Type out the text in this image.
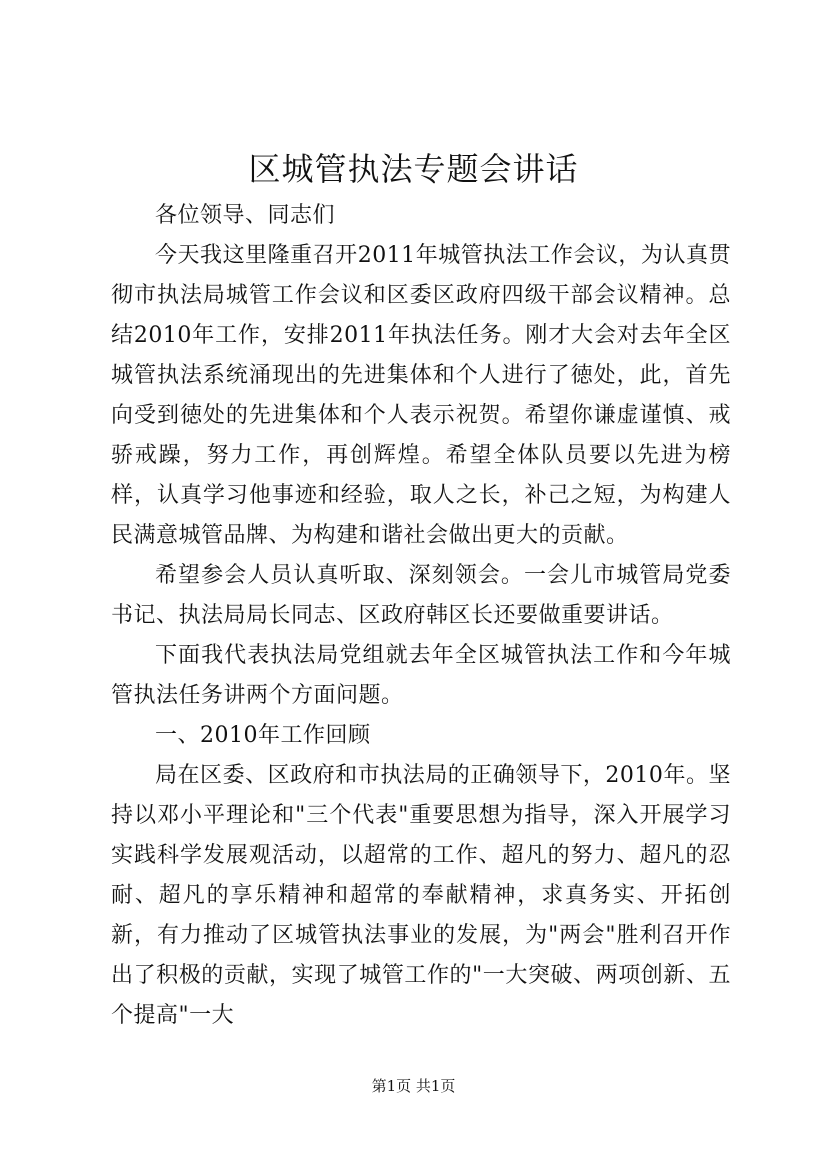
区城管执法专题会讲话

各位领导、同志们

今天我这里隆重召开2011年城管执法工作会议，为认真贯彻市执法局城管工作会议和区委区政府四级干部会议精神。总结2010年工作，安排2011年执法任务。刚才大会对去年全区城管执法系统涌现出的先进集体和个人进行了徳处，此，首先向受到徳处的先进集体和个人表示祝贺。希望你谦虚谨慎、戒骄戒躁，努力工作，再创辉煌。希望全体队员要以先进为榜样，认真学习他事迹和经验，取人之长，补己之短，为构建人民满意城管品牌、为构建和谐社会做出更大的贡献。

希望参会人员认真听取、深刻领会。一会儿市城管局党委书记、执法局局长同志、区政府韩区长还要做重要讲话。

下面我代表执法局党组就去年全区城管执法工作和今年城管执法任务讲两个方面问题。

一、2010年工作回顾

局在区委、区政府和市执法局的正确领导下，2010年。坚持以邓小平理论和"三个代表"重要思想为指导，深入开展学习实践科学发展观活动，以超常的工作、超凡的努力、超凡的忍耐、超凡的享乐精神和超常的奉献精神，求真务实、开拓创新，有力推动了区城管执法事业的发展，为"两会"胜利召开作出了积极的贡献，实现了城管工作的"一大突破、两项创新、五个提高"一大

第1页 共1页
